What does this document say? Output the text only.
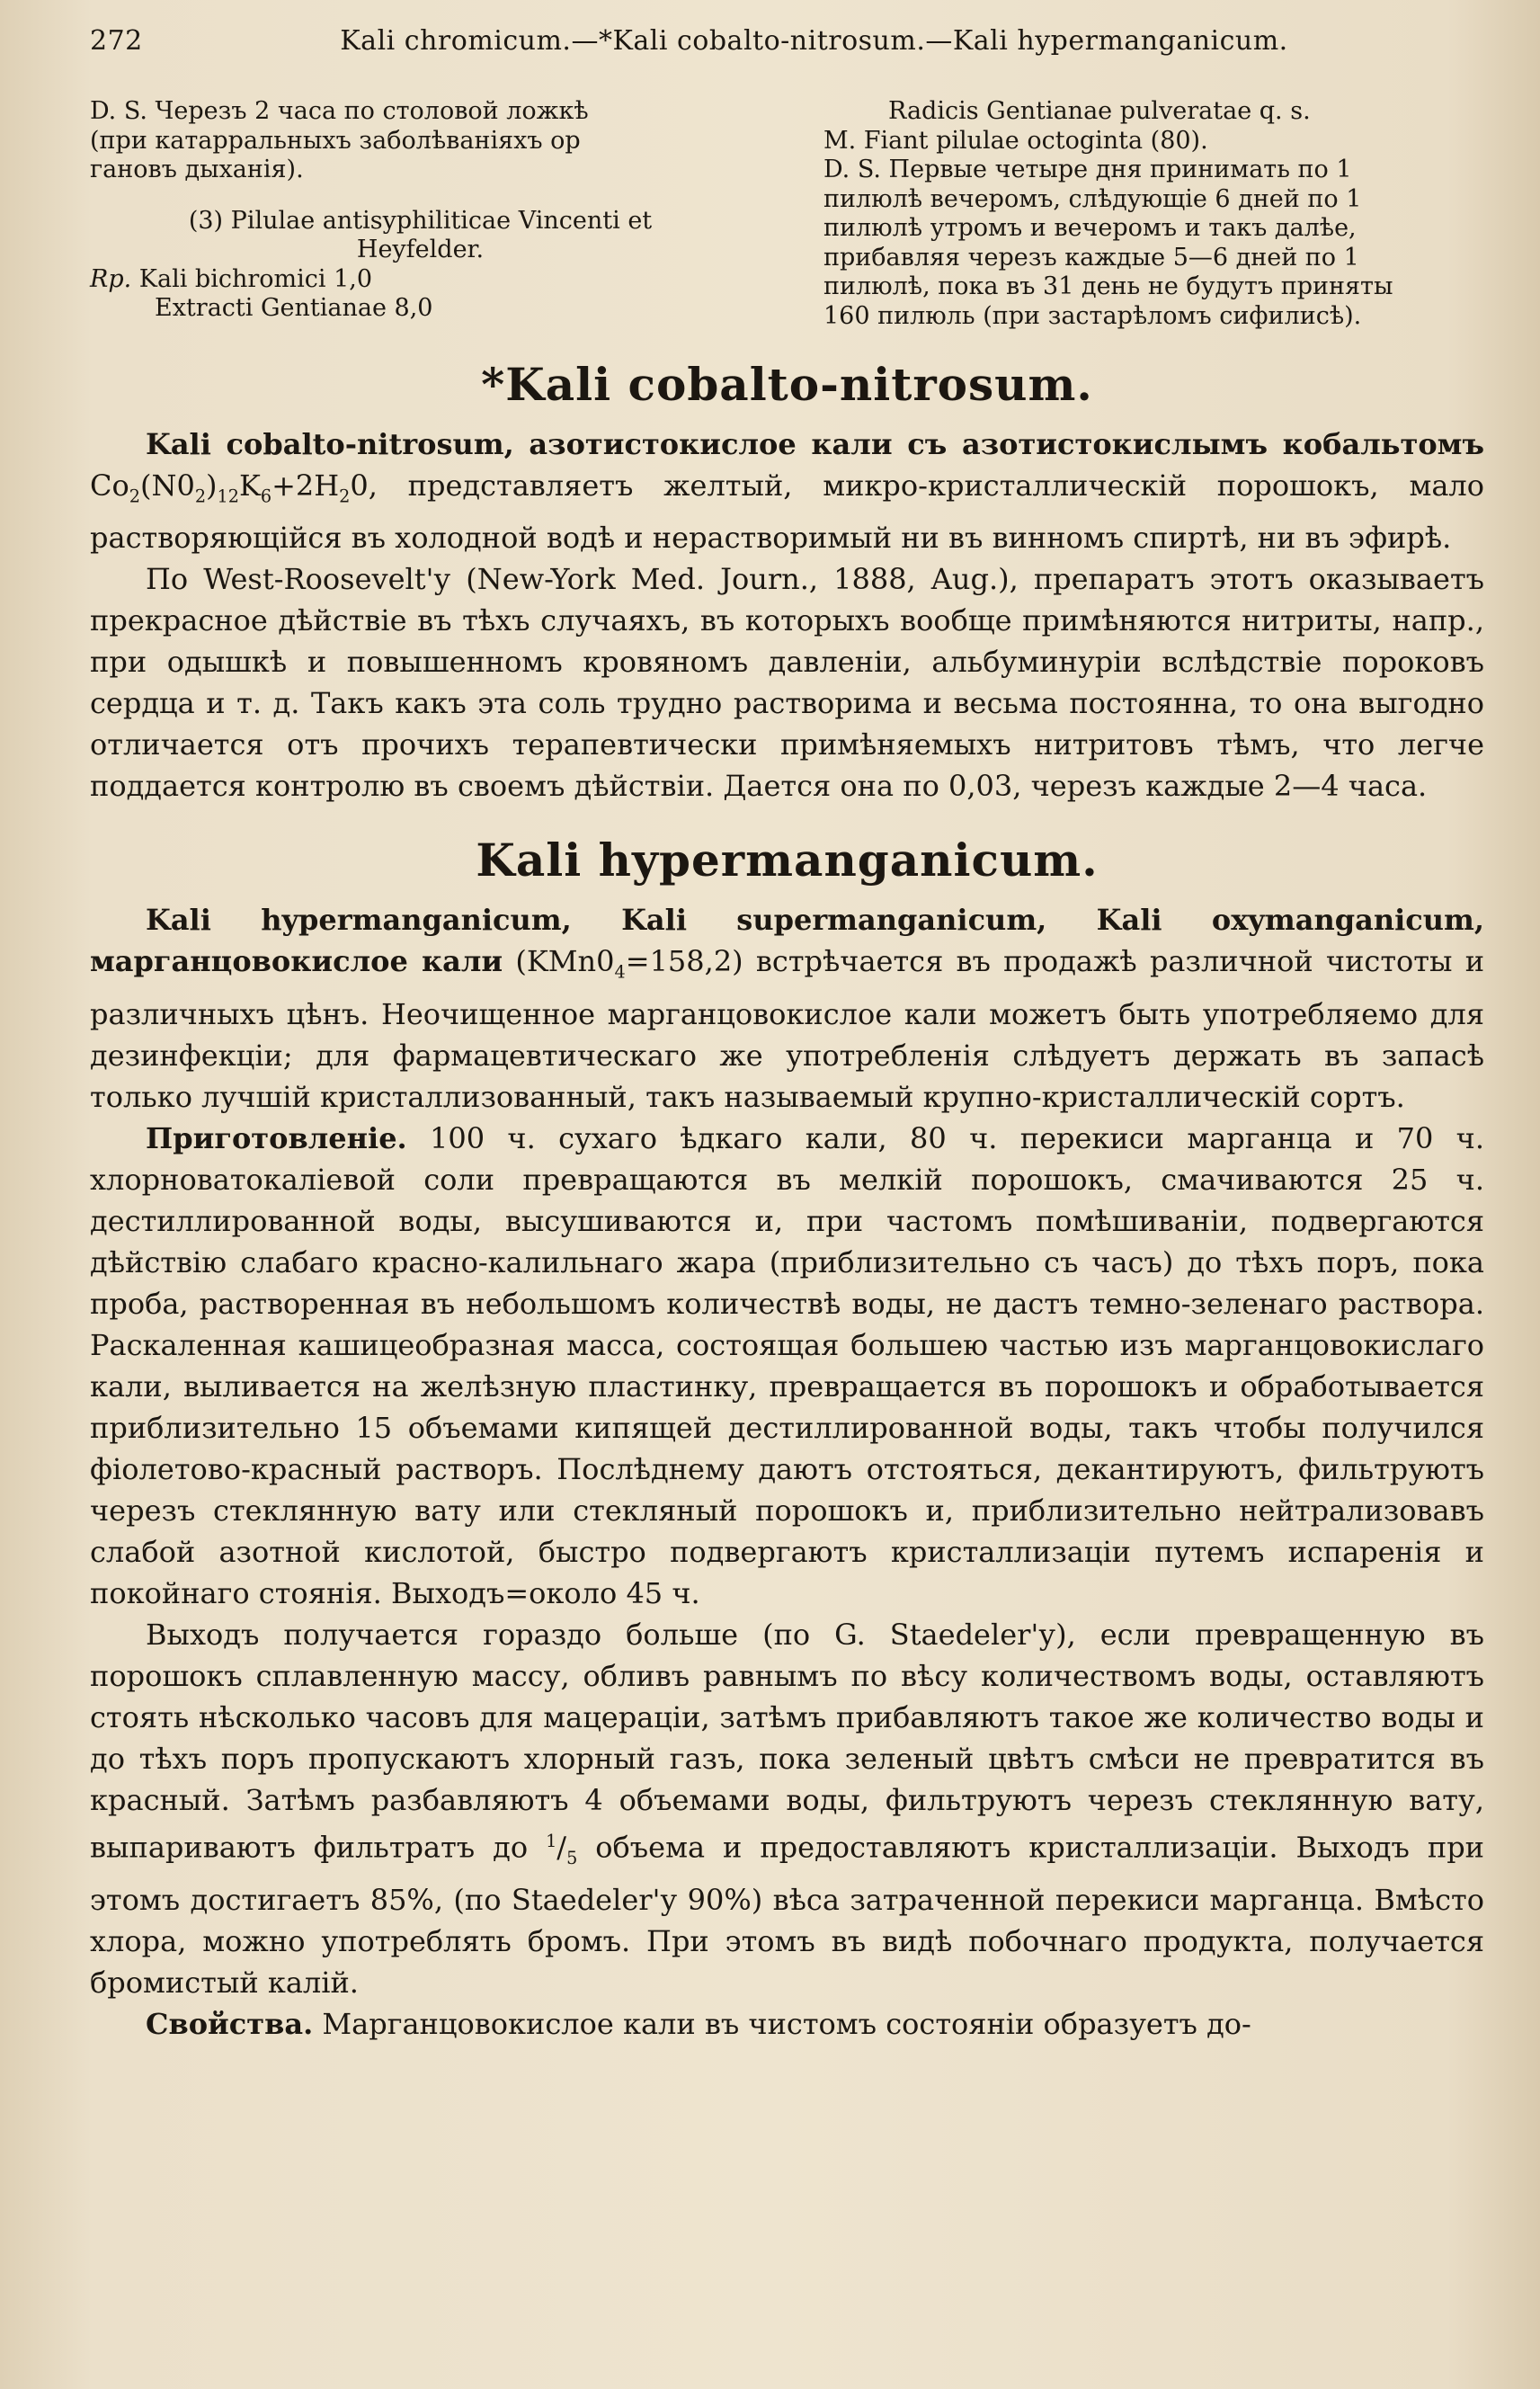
272	Kali chromicum.—*Kali cobalto-nitrosum.—Kali hypermanganicum.

D. S. Черезъ 2 часа по столовой ложкѣ

(при катарральныхъ заболѣваніяхъ ор

гановъ дыханія).

(3) Pilulae antisyphiliticae Vincenti et

Heyfelder.

Rp. Kali bichromici 1,0

Extracti Gentianae 8,0

Radicis Gentianae pulveratae q. s.

M. Fiant pilulae octoginta (80).

D. S. Первые четыре дня принимать по 1

пилюлѣ вечеромъ, слѣдующіе 6 дней по 1

пилюлѣ утромъ и вечеромъ и такъ далѣе,

прибавляя черезъ каждые 5—6 дней по 1

пилюлѣ, пока въ 31 день не будутъ приняты

160 пилюль (при застарѣломъ сифилисѣ).

*Kali cobalto-nitrosum.

Kali cobalto-nitrosum, азотистокислое кали съ азотистокислымъ кобальтомъ $Co_2(N0_2)_{12}K_6+2H_20$, представляетъ желтый, микро-кристаллическій порошокъ, мало растворяющійся въ холодной водѣ и нерастворимый ни въ винномъ спиртѣ, ни въ эфирѣ.

По West-Roosevelt'у (New-York Med. Journ., 1888, Aug.), препаратъ этотъ оказываетъ прекрасное дѣйствіе въ тѣхъ случаяхъ, въ которыхъ вообще примѣняются нитриты, напр., при одышкѣ и повышенномъ кровяномъ давленіи, альбуминуріи вслѣдствіе пороковъ сердца и т. д. Такъ какъ эта соль трудно растворима и весьма постоянна, то она выгодно отличается отъ прочихъ терапевтически примѣняемыхъ нитритовъ тѣмъ, что легче поддается контролю въ своемъ дѣйствіи. Дается она по 0,03, черезъ каждые 2—4 часа.

Kali hypermanganicum.

Kali hypermanganicum, Kali supermanganicum, Kali oxymanganicum, марганцовокислое кали $(KMn0_4=158,2)$ встрѣчается въ продажѣ различной чистоты и различныхъ цѣнъ. Неочищенное марганцовокислое кали можетъ быть употребляемо для дезинфекціи; для фармацевтическаго же употребленія слѣдуетъ держать въ запасѣ только лучшій кристаллизованный, такъ называемый крупно-кристаллическій сортъ.

Приготовленіе. 100 ч. сухаго ѣдкаго кали, 80 ч. перекиси марганца и 70 ч. хлорноватокаліевой соли превращаются въ мелкій порошокъ, смачиваются 25 ч. дестиллированной воды, высушиваются и, при частомъ помѣшиваніи, подвергаются дѣйствію слабаго красно-калильнаго жара (приблизительно съ часъ) до тѣхъ поръ, пока проба, растворенная въ небольшомъ количествѣ воды, не дастъ темно-зеленаго раствора. Раскаленная кашицеобразная масса, состоящая большею частью изъ марганцовокислаго кали, выливается на желѣзную пластинку, превращается въ порошокъ и обработывается приблизительно 15 объемами кипящей дестиллированной воды, такъ чтобы получился фіолетово-красный растворъ. Послѣднему даютъ отстояться, декантируютъ, фильтруютъ черезъ стеклянную вату или стекляный порошокъ и, приблизительно нейтрализовавъ слабой азотной кислотой, быстро подвергаютъ кристаллизаціи путемъ испаренія и покойнаго стоянія. Выходъ=около 45 ч.

Выходъ получается гораздо больше (по G. Staedeler'у), если превращенную въ порошокъ сплавленную массу, обливъ равнымъ по вѣсу количествомъ воды, оставляютъ стоять нѣсколько часовъ для мацераціи, затѣмъ прибавляютъ такое же количество воды и до тѣхъ поръ пропускаютъ хлорный газъ, пока зеленый цвѣтъ смѣси не превратится въ красный. Затѣмъ разбавляютъ 4 объемами воды, фильтруютъ черезъ стеклянную вату, выпариваютъ фильтратъ до $^1/_5$ объема и предоставляютъ кристаллизаціи. Выходъ при этомъ достигаетъ 85%, (по Staedeler'у 90%) вѣса затраченной перекиси марганца. Вмѣсто хлора, можно употреблять бромъ. При этомъ въ видѣ побочнаго продукта, получается бромистый калій.

Свойства. Марганцовокислое кали въ чистомъ состояніи образуетъ до-
